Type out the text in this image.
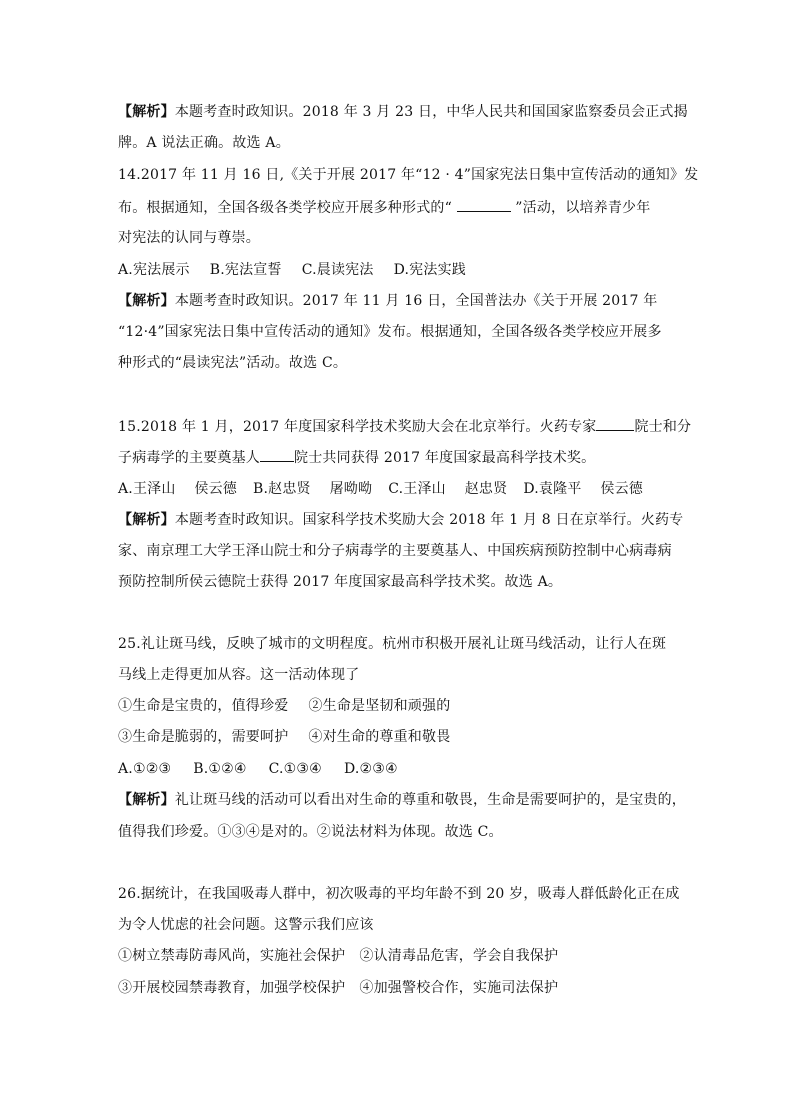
【解析】本题考查时政知识。2018 年 3 月 23 日，中华人民共和国国家监察委员会正式揭
牌。A 说法正确。故选 A。
14.2017 年 11 月 16 日,《关于开展 2017 年“12 · 4”国家宪法日集中宣传活动的通知》发
布。根据通知，全国各级各类学校应开展多种形式的“	”活动，以培养青少年
对宪法的认同与尊崇。
A.宪法展示 B.宪法宣誓 C.晨读宪法 D.宪法实践
【解析】本题考查时政知识。2017 年 11 月 16 日，全国普法办《关于开展 2017 年
“12·4”国家宪法日集中宣传活动的通知》发布。根据通知，全国各级各类学校应开展多
种形式的“晨读宪法”活动。故选 C。
15.2018 年 1 月，2017 年度国家科学技术奖励大会在北京举行。火药专家	院士和分
子病毒学的主要奠基人 院士共同获得 2017 年度国家最高科学技术奖。
A.王泽山　 侯云德 B.赵忠贤　 屠呦呦 C.王泽山　 赵忠贤 D.袁隆平　 侯云德
【解析】本题考查时政知识。国家科学技术奖励大会 2018 年 1 月 8 日在京举行。火药专
家、南京理工大学王泽山院士和分子病毒学的主要奠基人、中国疾病预防控制中心病毒病
预防控制所侯云德院士获得 2017 年度国家最高科学技术奖。故选 A。
25.礼让斑马线，反映了城市的文明程度。杭州市积极开展礼让斑马线活动，让行人在斑
马线上走得更加从容。这一活动体现了
①生命是宝贵的，值得珍爱 ②生命是坚韧和顽强的
③生命是脆弱的，需要呵护 ④对生命的尊重和敬畏
A.①②③ B.①②④ C.①③④ D.②③④
【解析】礼让斑马线的活动可以看出对生命的尊重和敬畏，生命是需要呵护的，是宝贵的，
值得我们珍爱。①③④是对的。②说法材料为体现。故选 C。
26.据统计，在我国吸毒人群中，初次吸毒的平均年龄不到 20 岁，吸毒人群低龄化正在成
为令人忧虑的社会问题。这警示我们应该
①树立禁毒防毒风尚，实施社会保护　②认清毒品危害，学会自我保护
③开展校园禁毒教育，加强学校保护　④加强警校合作，实施司法保护
